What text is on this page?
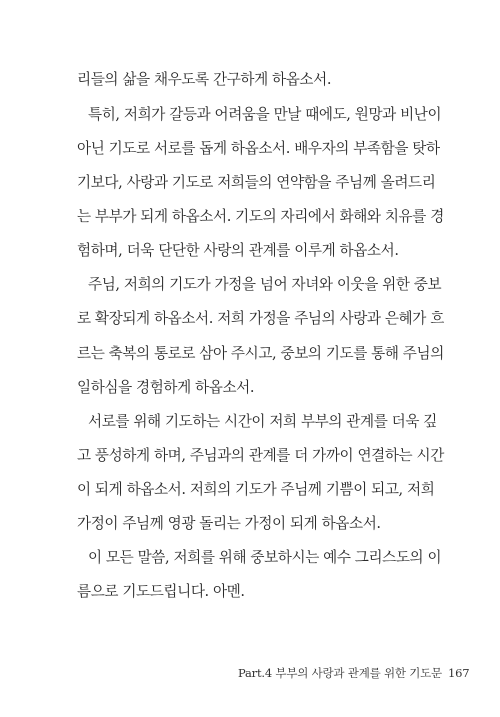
리들의 삶을 채우도록 간구하게 하옵소서.
특히, 저희가 갈등과 어려움을 만날 때에도, 원망과 비난이
아닌 기도로 서로를 돕게 하옵소서. 배우자의 부족함을 탓하
기보다, 사랑과 기도로 저희들의 연약함을 주님께 올려드리
는 부부가 되게 하옵소서. 기도의 자리에서 화해와 치유를 경
험하며, 더욱 단단한 사랑의 관계를 이루게 하옵소서.
주님, 저희의 기도가 가정을 넘어 자녀와 이웃을 위한 중보
로 확장되게 하옵소서. 저희 가정을 주님의 사랑과 은혜가 흐
르는 축복의 통로로 삼아 주시고, 중보의 기도를 통해 주님의
일하심을 경험하게 하옵소서.
서로를 위해 기도하는 시간이 저희 부부의 관계를 더욱 깊
고 풍성하게 하며, 주님과의 관계를 더 가까이 연결하는 시간
이 되게 하옵소서. 저희의 기도가 주님께 기쁨이 되고, 저희
가정이 주님께 영광 돌리는 가정이 되게 하옵소서.
이 모든 말씀, 저희를 위해 중보하시는 예수 그리스도의 이
름으로 기도드립니다. 아멘.
Part.4 부부의 사랑과 관계를 위한 기도문 167
